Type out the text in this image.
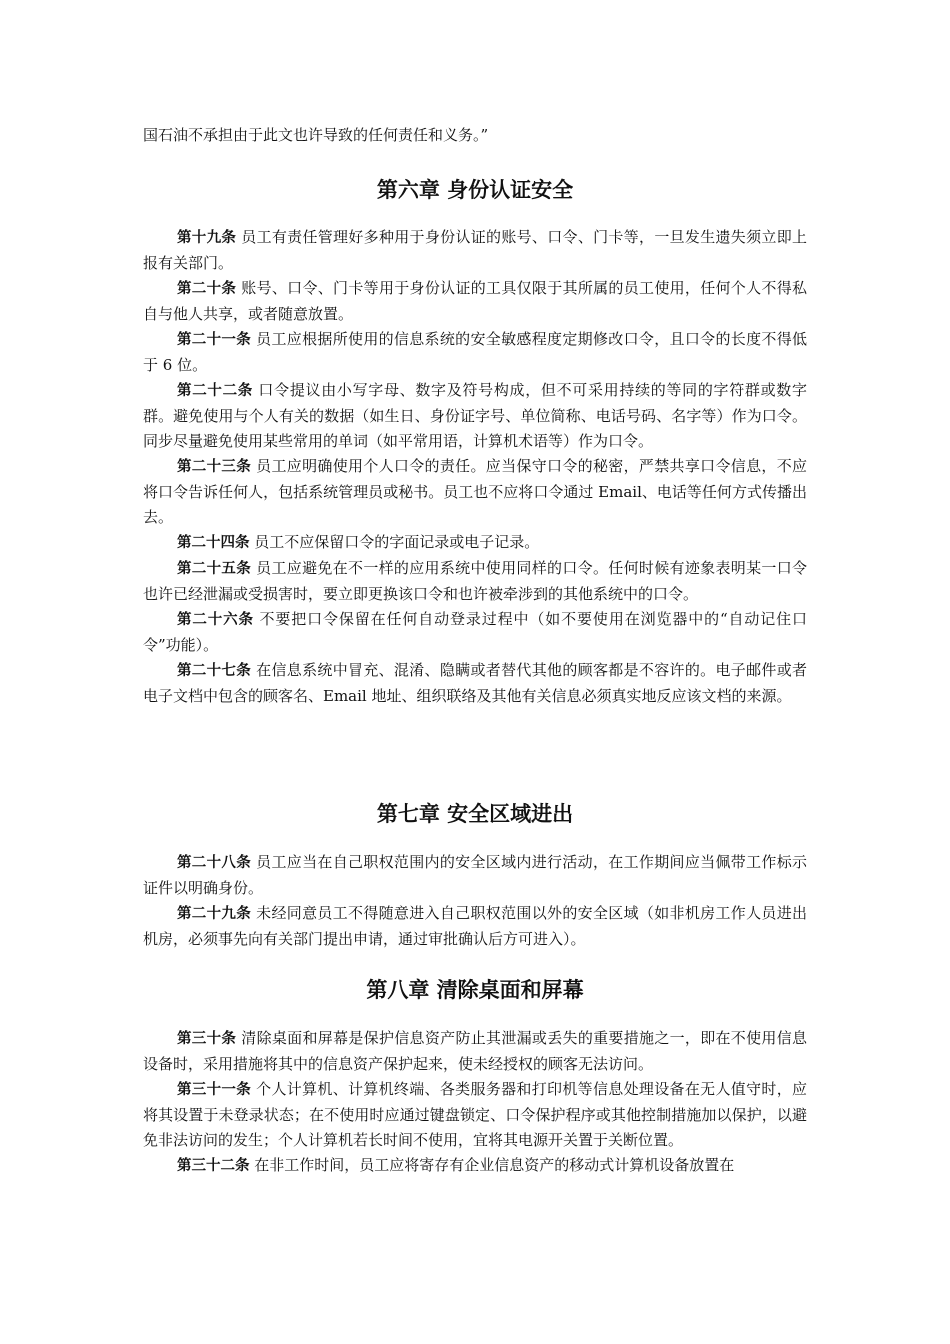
国石油不承担由于此文也许导致的任何责任和义务。”

第六章 身份认证安全

第十九条 员工有责任管理好多种用于身份认证的账号、口令、门卡等，一旦发生遗失须立即上报有关部门。

第二十条 账号、口令、门卡等用于身份认证的工具仅限于其所属的员工使用，任何个人不得私自与他人共享，或者随意放置。

第二十一条 员工应根据所使用的信息系统的安全敏感程度定期修改口令，且口令的长度不得低于 6 位。

第二十二条 口令提议由小写字母、数字及符号构成，但不可采用持续的等同的字符群或数字群。避免使用与个人有关的数据（如生日、身份证字号、单位简称、电话号码、名字等）作为口令。同步尽量避免使用某些常用的单词（如平常用语，计算机术语等）作为口令。

第二十三条 员工应明确使用个人口令的责任。应当保守口令的秘密，严禁共享口令信息，不应将口令告诉任何人，包括系统管理员或秘书。员工也不应将口令通过 Email、电话等任何方式传播出去。

第二十四条 员工不应保留口令的字面记录或电子记录。

第二十五条 员工应避免在不一样的应用系统中使用同样的口令。任何时候有迹象表明某一口令也许已经泄漏或受损害时，要立即更换该口令和也许被牵涉到的其他系统中的口令。

第二十六条 不要把口令保留在任何自动登录过程中（如不要使用在浏览器中的“自动记住口令”功能）。

第二十七条 在信息系统中冒充、混淆、隐瞒或者替代其他的顾客都是不容许的。电子邮件或者电子文档中包含的顾客名、Email 地址、组织联络及其他有关信息必须真实地反应该文档的来源。

第七章 安全区域进出

第二十八条 员工应当在自己职权范围内的安全区域内进行活动，在工作期间应当佩带工作标示证件以明确身份。

第二十九条 未经同意员工不得随意进入自己职权范围以外的安全区域（如非机房工作人员进出机房，必须事先向有关部门提出申请，通过审批确认后方可进入）。

第八章 清除桌面和屏幕

第三十条 清除桌面和屏幕是保护信息资产防止其泄漏或丢失的重要措施之一，即在不使用信息设备时，采用措施将其中的信息资产保护起来，使未经授权的顾客无法访问。

第三十一条 个人计算机、计算机终端、各类服务器和打印机等信息处理设备在无人值守时，应将其设置于未登录状态；在不使用时应通过键盘锁定、口令保护程序或其他控制措施加以保护，以避免非法访问的发生；个人计算机若长时间不使用，宜将其电源开关置于关断位置。

第三十二条 在非工作时间，员工应将寄存有企业信息资产的移动式计算机设备放置在
